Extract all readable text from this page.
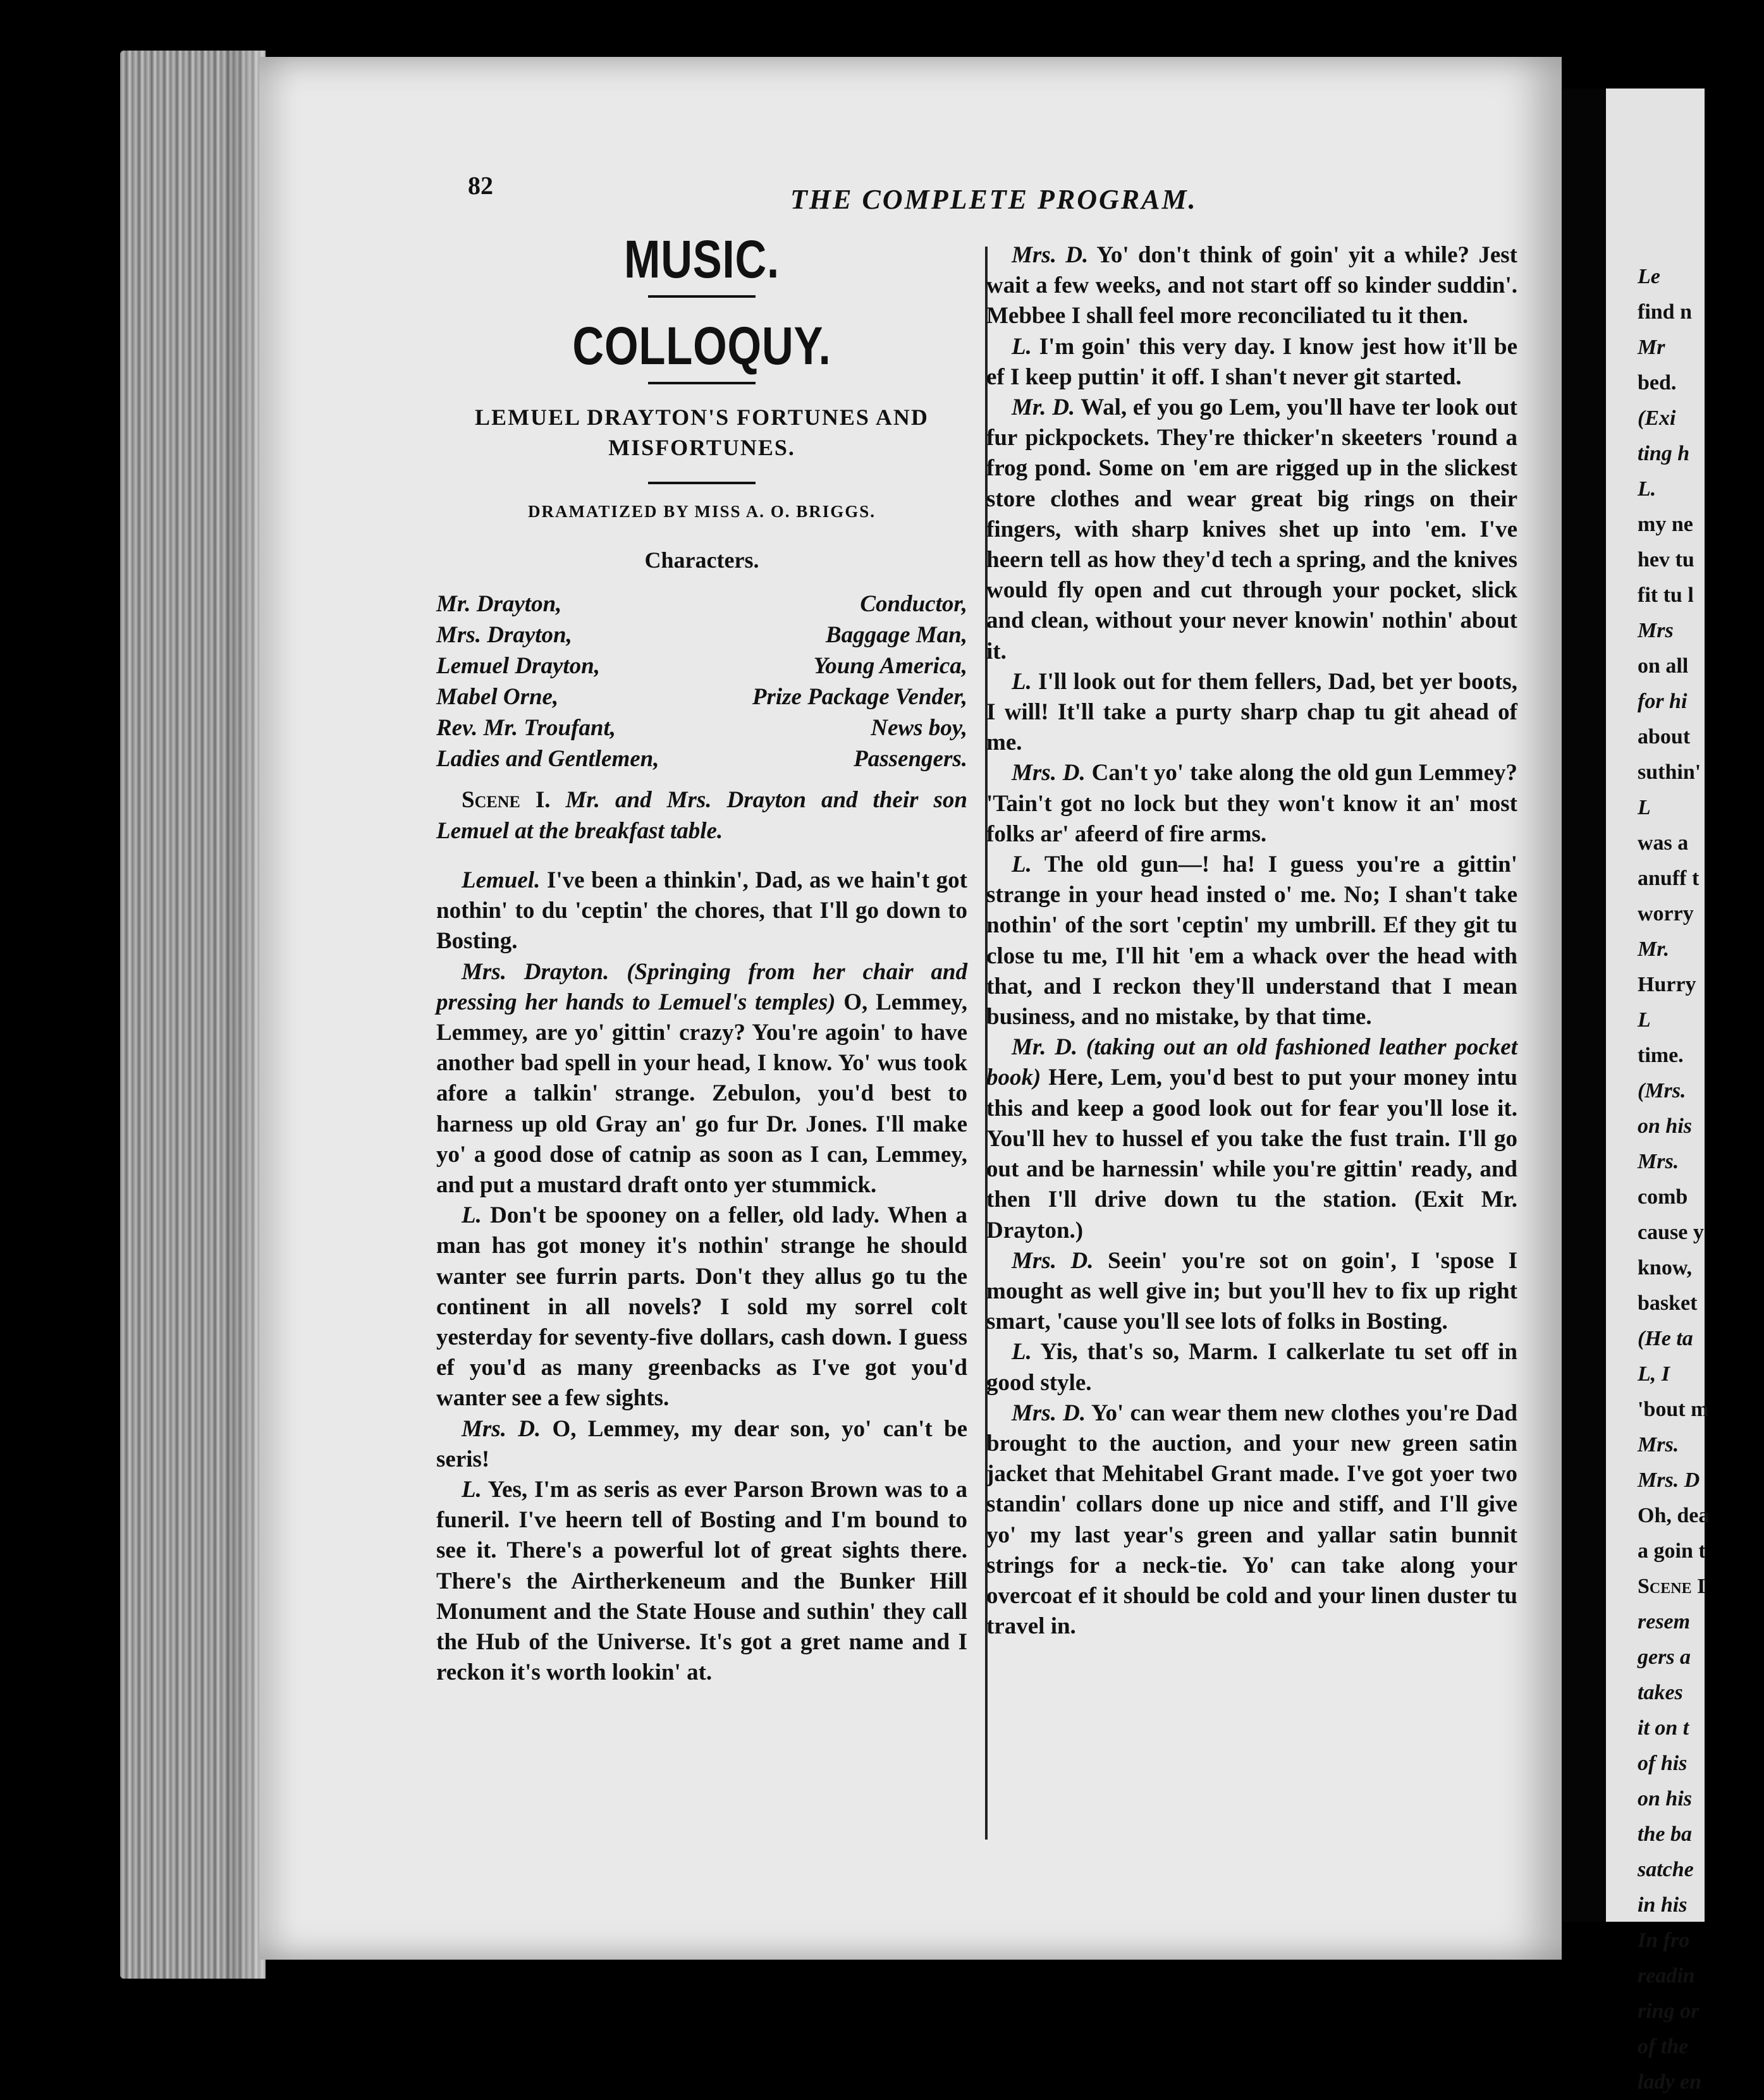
Le
find n
Mr
bed.
(Exi
ting h
L.
my ne
hev tu
fit tu l
Mrs
on all
for hi
about
suthin'
L
was a
anuff t
worry
Mr.
Hurry
L
time.
(Mrs.
on his
Mrs.
comb
cause y
know,
basket
(He ta
L, I
'bout m
Mrs.
Mrs. D
Oh, dea
a goin t
Scene I
resem
gers a
takes
it on t
of his
on his
the ba
satche
in his
In fro
readin
ring or
of the
lady en
82	THE COMPLETE PROGRAM.
MUSIC.
COLLOQUY.
LEMUEL DRAYTON'S FORTUNES AND MISFORTUNES.
DRAMATIZED BY MISS A. O. BRIGGS.
Characters.
Mr. Drayton,	Conductor,
Mrs. Drayton,	Baggage Man,
Lemuel Drayton,	Young America,
Mabel Orne,	Prize Package Vender,
Rev. Mr. Troufant,	News boy,
Ladies and Gentlemen,	Passengers.
Scene I. Mr. and Mrs. Drayton and their son Lemuel at the breakfast table.

Lemuel. I've been a thinkin', Dad, as we hain't got nothin' to du 'ceptin' the chores, that I'll go down to Bosting.

Mrs. Drayton. (Springing from her chair and pressing her hands to Lemuel's temples) O, Lemmey, Lemmey, are yo' gittin' crazy? You're agoin' to have another bad spell in your head, I know. Yo' wus took afore a talkin' strange. Zebulon, you'd best to harness up old Gray an' go fur Dr. Jones. I'll make yo' a good dose of catnip as soon as I can, Lemmey, and put a mustard draft onto yer stummick.

L. Don't be spooney on a feller, old lady. When a man has got money it's nothin' strange he should wanter see furrin parts. Don't they allus go tu the continent in all novels? I sold my sorrel colt yesterday for seventy-five dollars, cash down. I guess ef you'd as many greenbacks as I've got you'd wanter see a few sights.

Mrs. D. O, Lemmey, my dear son, yo' can't be seris!

L. Yes, I'm as seris as ever Parson Brown was to a funeril. I've heern tell of Bosting and I'm bound to see it. There's a powerful lot of great sights there. There's the Airtherkeneum and the Bunker Hill Monument and the State House and suthin' they call the Hub of the Universe. It's got a gret name and I reckon it's worth lookin' at.

Mrs. D. Yo' don't think of goin' yit a while? Jest wait a few weeks, and not start off so kinder suddin'. Mebbee I shall feel more reconciliated tu it then.

L. I'm goin' this very day. I know jest how it'll be ef I keep puttin' it off. I shan't never git started.

Mr. D. Wal, ef you go Lem, you'll have ter look out fur pickpockets. They're thicker'n skeeters 'round a frog pond. Some on 'em are rigged up in the slickest store clothes and wear great big rings on their fingers, with sharp knives shet up into 'em. I've heern tell as how they'd tech a spring, and the knives would fly open and cut through your pocket, slick and clean, without your never knowin' nothin' about it.

L. I'll look out for them fellers, Dad, bet yer boots, I will! It'll take a purty sharp chap tu git ahead of me.

Mrs. D. Can't yo' take along the old gun Lemmey? 'Tain't got no lock but they won't know it an' most folks ar' afeerd of fire arms.

L. The old gun—! ha! I guess you're a gittin' strange in your head insted o' me. No; I shan't take nothin' of the sort 'ceptin' my umbrill. Ef they git tu close tu me, I'll hit 'em a whack over the head with that, and I reckon they'll understand that I mean business, and no mistake, by that time.

Mr. D. (taking out an old fashioned leather pocket book) Here, Lem, you'd best to put your money intu this and keep a good look out for fear you'll lose it. You'll hev to hussel ef you take the fust train. I'll go out and be harnessin' while you're gittin' ready, and then I'll drive down tu the station. (Exit Mr. Drayton.)

Mrs. D. Seein' you're sot on goin', I 'spose I mought as well give in; but you'll hev to fix up right smart, 'cause you'll see lots of folks in Bosting.

L. Yis, that's so, Marm. I calkerlate tu set off in good style.

Mrs. D. Yo' can wear them new clothes you're Dad brought to the auction, and your new green satin jacket that Mehitabel Grant made. I've got yoer two standin' collars done up nice and stiff, and I'll give yo' my last year's green and yallar satin bunnit strings for a neck-tie. Yo' can take along your overcoat ef it should be cold and your linen duster tu travel in.
